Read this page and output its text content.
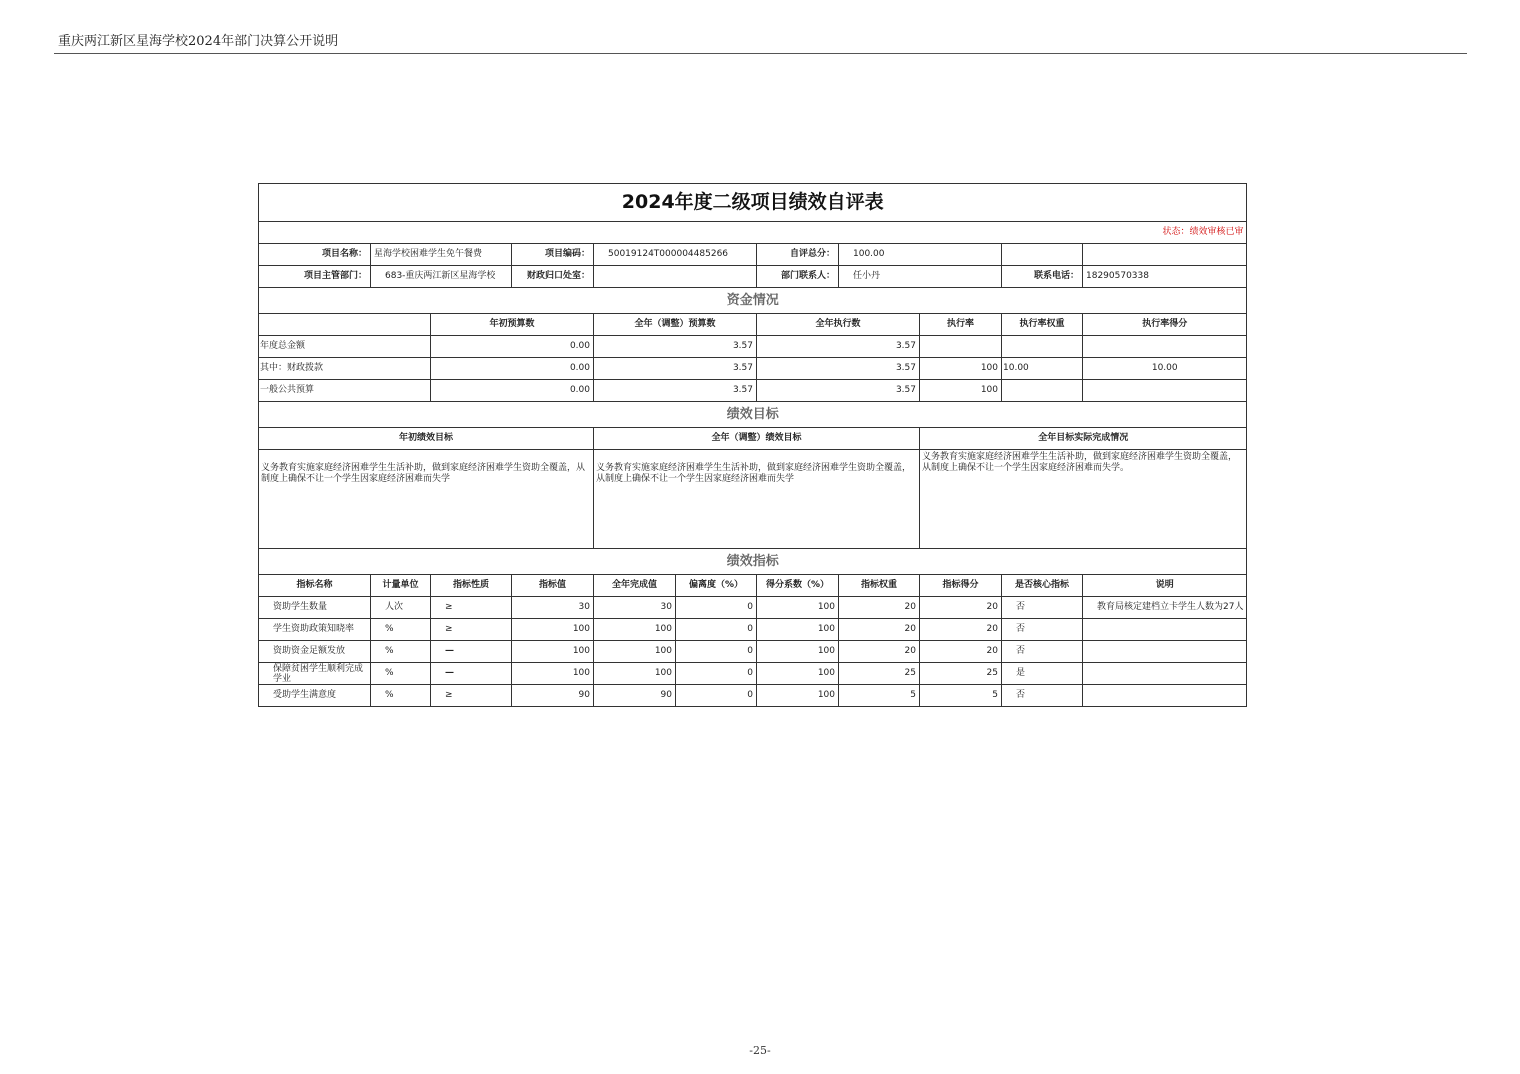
重庆两江新区星海学校2024年部门决算公开说明
2024年度二级项目绩效自评表										
状态：绩效审核已审										
项目名称：	星海学校困难学生免午餐费		项目编码：	50019124T000004485266		自评总分：	100.00			
项目主管部门：	683-重庆两江新区星海学校		财政归口处室：			部门联系人：	任小丹		联系电话：	18290570338
资金情况										
		年初预算数		全年（调整）预算数		全年执行数		执行率	执行率权重	执行率得分
年度总金额		0.00		3.57		3.57				
其中：财政拨款		0.00		3.57		3.57		100	10.00	10.00
一般公共预算		0.00		3.57		3.57		100		
绩效目标										
年初绩效目标				全年（调整）绩效目标				全年目标实际完成情况		
义务教育实施家庭经济困难学生生活补助，做到家庭经济困难学生资助全覆盖，从制度上确保不让一个学生因家庭经济困难而失学				义务教育实施家庭经济困难学生生活补助，做到家庭经济困难学生资助全覆盖，从制度上确保不让一个学生因家庭经济困难而失学				义务教育实施家庭经济困难学生生活补助，做到家庭经济困难学生资助全覆盖，从制度上确保不让一个学生因家庭经济困难而失学。		
绩效指标										
指标名称	计量单位	指标性质	指标值	全年完成值	偏离度（%）	得分系数（%）	指标权重	指标得分	是否核心指标	说明
资助学生数量	人次	≥	30	30	0	100	20	20	否	教育局核定建档立卡学生人数为27人
学生资助政策知晓率	%	≥	100	100	0	100	20	20	否	
资助资金足额发放	%	—	100	100	0	100	20	20	否	
保障贫困学生顺利完成学业	%	—	100	100	0	100	25	25	是	
受助学生满意度	%	≥	90	90	0	100	5	5	否	
-25-
